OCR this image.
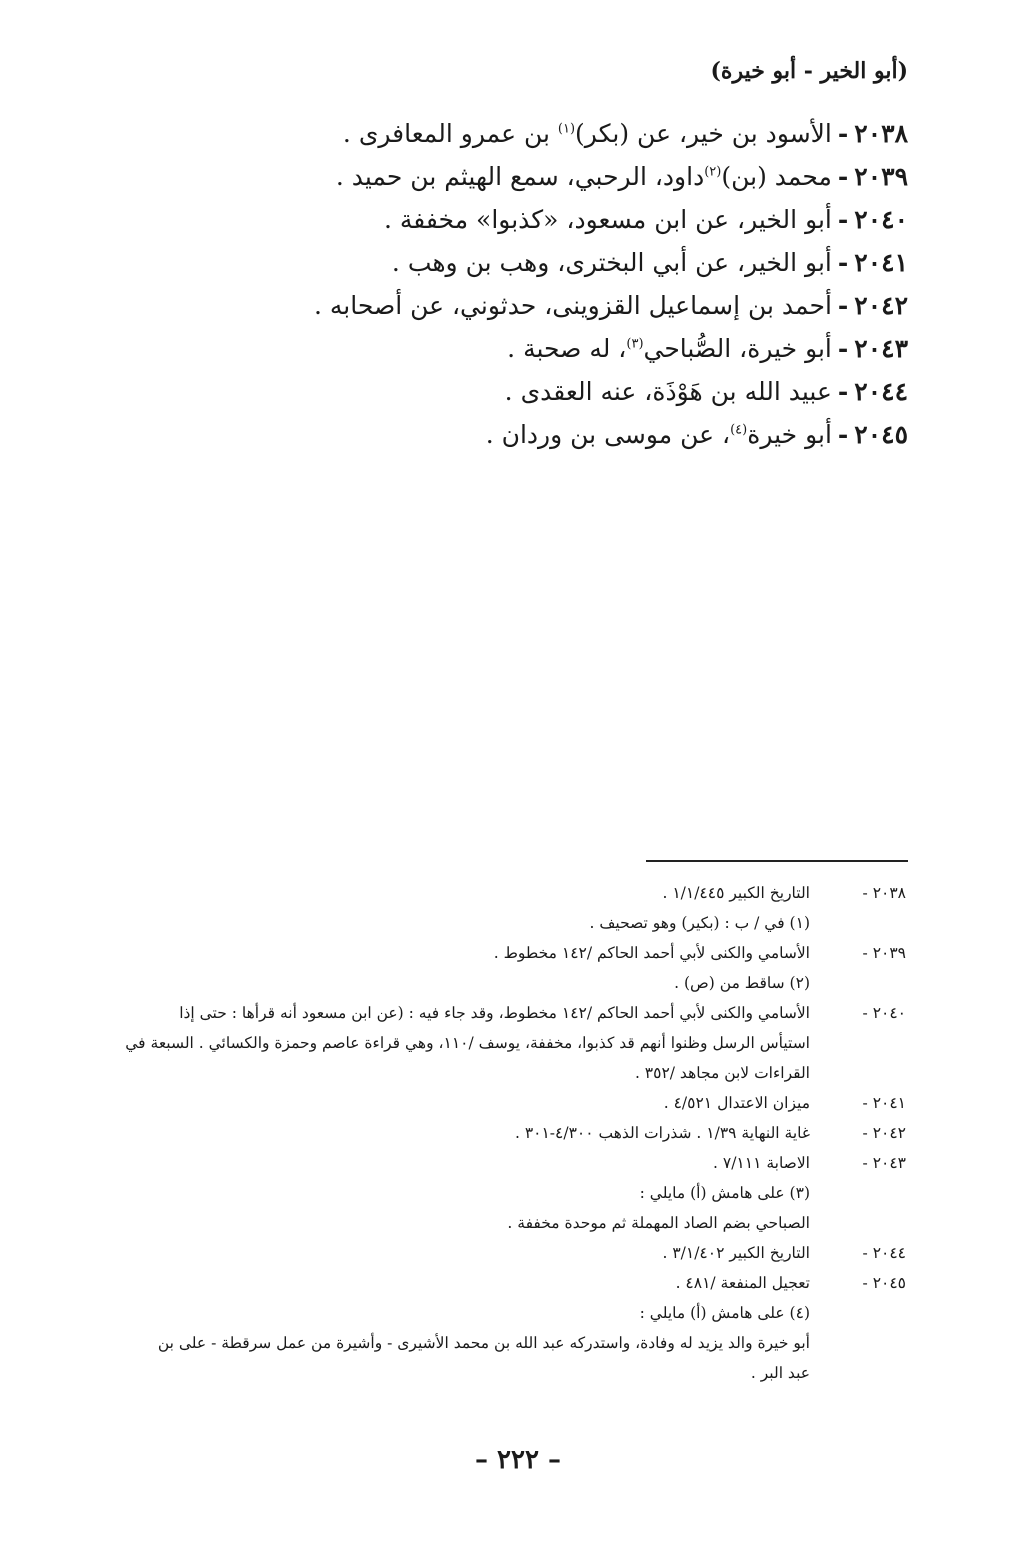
(أبو الخير - أبو خيرة)
٢٠٣٨-الأسود بن خير، عن (بكر)$^{(١)}$ بن عمرو المعافرى .
٢٠٣٩-محمد (بن)$^{(٢)}$داود، الرحبي، سمع الهيثم بن حميد .
٢٠٤٠-أبو الخير، عن ابن مسعود، «كذبوا» مخففة .
٢٠٤١-أبو الخير، عن أبي البخترى، وهب بن وهب .
٢٠٤٢-أحمد بن إسماعيل القزوينى، حدثوني، عن أصحابه .
٢٠٤٣-أبو خيرة، الصُّباحي$^{(٣)}$، له صحبة .
٢٠٤٤-عبيد الله بن هَوْذَة، عنه العقدى .
٢٠٤٥-أبو خيرة$^{(٤)}$، عن موسى بن وردان .
٢٠٣٨ -
التاريخ الكبير ١/١/٤٤٥ .
(١) في / ب : (بكير) وهو تصحيف .
٢٠٣٩ -
الأسامي والكنى لأبي أحمد الحاكم /١٤٢ مخطوط .
(٢) ساقط من (ص) .
٢٠٤٠ -
الأسامي والكنى لأبي أحمد الحاكم /١٤٢ مخطوط، وقد جاء فيه : (عن ابن مسعود أنه قرأها : حتى إذا
استيأس الرسل وظنوا أنهم قد كذبوا، مخففة، يوسف /١١٠، وهي قراءة عاصم وحمزة والكسائي . السبعة في
القراءات لابن مجاهد /٣٥٢ .
٢٠٤١ -
ميزان الاعتدال ٤/٥٢١ .
٢٠٤٢ -
غاية النهاية ١/٣٩ . شذرات الذهب ٤/٣٠٠-٣٠١ .
٢٠٤٣ -
الاصابة ٧/١١١ .
(٣) على هامش (أ) مايلي :
الصباحي بضم الصاد المهملة ثم موحدة مخففة .
٢٠٤٤ -
التاريخ الكبير ٣/١/٤٠٢ .
٢٠٤٥ -
تعجيل المنفعة /٤٨١ .
(٤) على هامش (أ) مايلي :
أبو خيرة والد يزيد له وفادة، واستدركه عبد الله بن محمد الأشيرى - وأشيرة من عمل سرقطة - على بن
عبد البر .
– ٢٢٢ –
